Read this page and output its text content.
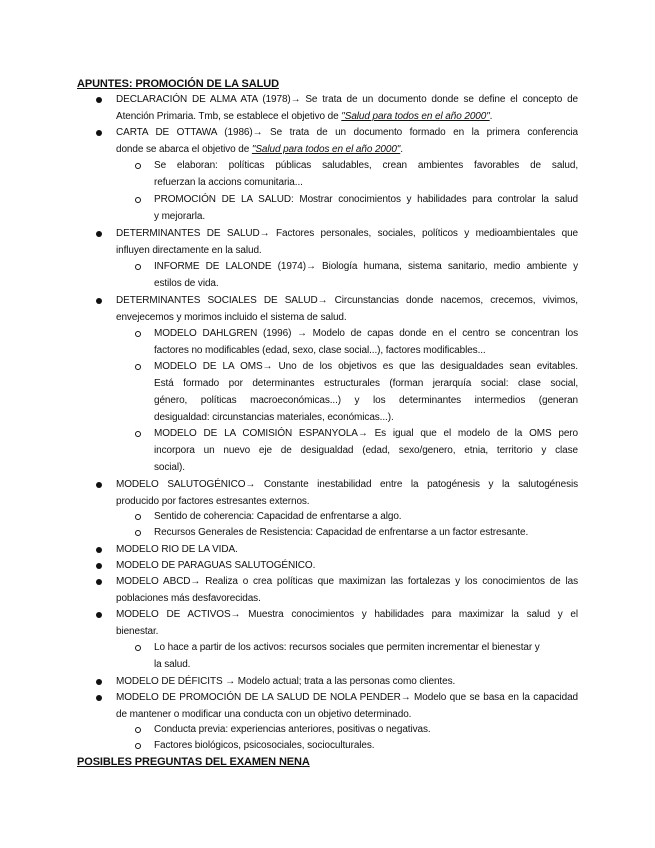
APUNTES: PROMOCIÓN DE LA SALUD
DECLARACIÓN DE ALMA ATA (1978)→ Se trata de un documento donde se define el concepto de
Atención Primaria. Tmb, se establece el objetivo de "Salud para todos en el año 2000".
CARTA DE OTTAWA (1986)→ Se trata de un documento formado en la primera conferencia
donde se abarca el objetivo de "Salud para todos en el año 2000".
Se elaboran: políticas públicas saludables, crean ambientes favorables de salud,
refuerzan la accions comunitaria...
PROMOCIÓN DE LA SALUD: Mostrar conocimientos y habilidades para controlar la salud
y mejorarla.
DETERMINANTES DE SALUD→ Factores personales, sociales, políticos y medioambientales que
influyen directamente en la salud.
INFORME DE LALONDE (1974)→ Biología humana, sistema sanitario, medio ambiente y
estilos de vida.
DETERMINANTES SOCIALES DE SALUD→ Circunstancias donde nacemos, crecemos, vivimos,
envejecemos y morimos incluido el sistema de salud.
MODELO DAHLGREN (1996) → Modelo de capas donde en el centro se concentran los
factores no modificables (edad, sexo, clase social...), factores modificables...
MODELO DE LA OMS→ Uno de los objetivos es que las desigualdades sean evitables.
Está formado por determinantes estructurales (forman jerarquía social: clase social,
género, políticas macroeconómicas...) y los determinantes intermedios (generan
desigualdad: circunstancias materiales, económicas...).
MODELO DE LA COMISIÓN ESPANYOLA→ Es igual que el modelo de la OMS pero
incorpora un nuevo eje de desigualdad (edad, sexo/genero, etnia, territorio y clase
social).
MODELO SALUTOGÉNICO→ Constante inestabilidad entre la patogénesis y la salutogénesis
producido por factores estresantes externos.
Sentido de coherencia: Capacidad de enfrentarse a algo.
Recursos Generales de Resistencia: Capacidad de enfrentarse a un factor estresante.
MODELO RIO DE LA VIDA.
MODELO DE PARAGUAS SALUTOGÉNICO.
MODELO ABCD→ Realiza o crea políticas que maximizan las fortalezas y los conocimientos de las
poblaciones más desfavorecidas.
MODELO DE ACTIVOS→ Muestra conocimientos y habilidades para maximizar la salud y el
bienestar.
Lo hace a partir de los activos: recursos sociales que permiten incrementar el bienestar y
la salud.
MODELO DE DÉFICITS → Modelo actual; trata a las personas como clientes.
MODELO DE PROMOCIÓN DE LA SALUD DE NOLA PENDER→ Modelo que se basa en la capacidad
de mantener o modificar una conducta con un objetivo determinado.
Conducta previa: experiencias anteriores, positivas o negativas.
Factores biológicos, psicosociales, socioculturales.
POSIBLES PREGUNTAS DEL EXAMEN NENA
